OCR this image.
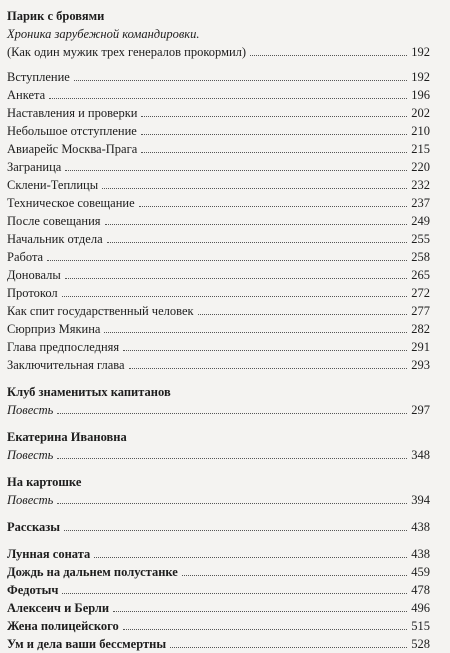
Парик с бровями
Хроника зарубежной командировки.
(Как один мужик трех генералов прокормил)	192
Вступление	192
Анкета	196
Наставления и проверки	202
Небольшое отступление	210
Авиарейс Москва-Прага	215
Заграница	220
Склени-Теплицы	232
Техническое совещание	237
После совещания	249
Начальник отдела	255
Работа	258
Доновалы	265
Протокол	272
Как спит государственный человек	277
Сюрприз Мякина	282
Глава предпоследняя	291
Заключительная глава	293
Клуб знаменитых капитанов
Повесть	297
Екатерина Ивановна
Повесть	348
На картошке
Повесть	394
Рассказы	438
Лунная соната	438
Дождь на дальнем полустанке	459
Федотыч	478
Алексеич и Берли	496
Жена полицейского	515
Ум и дела ваши бессмертны	528
